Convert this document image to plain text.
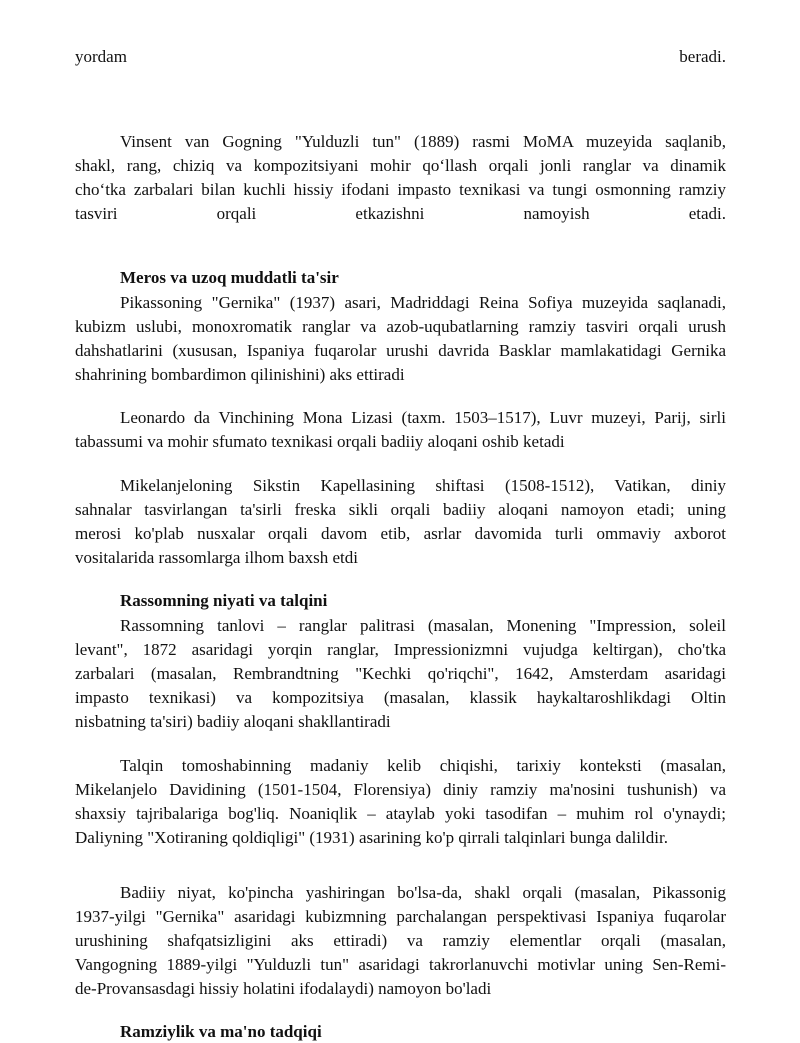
yordam beradi.
Vinsent van Gogning "Yulduzli tun" (1889) rasmi MoMA muzeyida saqlanib,
shakl, rang, chiziq va kompozitsiyani mohir qo‘llash orqali jonli ranglar va dinamik
cho‘tka zarbalari bilan kuchli hissiy ifodani impasto texnikasi va tungi osmonning ramziy
tasviri orqali etkazishni namoyish etadi.
Meros va uzoq muddatli ta'sir
Pikassoning "Gernika" (1937) asari, Madriddagi Reina Sofiya muzeyida saqlanadi,
kubizm uslubi, monoxromatik ranglar va azob-uqubatlarning ramziy tasviri orqali urush
dahshatlarini (xususan, Ispaniya fuqarolar urushi davrida Basklar mamlakatidagi Gernika
shahrining bombardimon qilinishini) aks ettiradi
Leonardo da Vinchining Mona Lizasi (taxm. 1503–1517), Luvr muzeyi, Parij, sirli
tabassumi va mohir sfumato texnikasi orqali badiiy aloqani oshib ketadi
Mikelanjeloning Sikstin Kapellasining shiftasi (1508-1512), Vatikan, diniy
sahnalar tasvirlangan ta'sirli freska sikli orqali badiiy aloqani namoyon etadi; uning
merosi ko'plab nusxalar orqali davom etib, asrlar davomida turli ommaviy axborot
vositalarida rassomlarga ilhom baxsh etdi
Rassomning niyati va talqini
Rassomning tanlovi – ranglar palitrasi (masalan, Monening "Impression, soleil
levant", 1872 asaridagi yorqin ranglar, Impressionizmni vujudga keltirgan), cho'tka
zarbalari (masalan, Rembrandtning "Kechki qo'riqchi", 1642, Amsterdam asaridagi
impasto texnikasi) va kompozitsiya (masalan, klassik haykaltaroshlikdagi Oltin
nisbatning ta'siri) badiiy aloqani shakllantiradi
Talqin tomoshabinning madaniy kelib chiqishi, tarixiy konteksti (masalan,
Mikelanjelo Davidining (1501-1504, Florensiya) diniy ramziy ma'nosini tushunish) va
shaxsiy tajribalariga bog'liq. Noaniqlik – ataylab yoki tasodifan – muhim rol o'ynaydi;
Daliyning "Xotiraning qoldiqligi" (1931) asarining ko'p qirrali talqinlari bunga dalildir.
Badiiy niyat, ko'pincha yashiringan bo'lsa-da, shakl orqali (masalan, Pikassonig
1937-yilgi "Gernika" asaridagi kubizmning parchalangan perspektivasi Ispaniya fuqarolar
urushining shafqatsizligini aks ettiradi) va ramziy elementlar orqali (masalan,
Vangogning 1889-yilgi "Yulduzli tun" asaridagi takrorlanuvchi motivlar uning Sen-Remi-
de-Provansasdagi hissiy holatini ifodalaydi) namoyon bo'ladi
Ramziylik va ma'no tadqiqi
